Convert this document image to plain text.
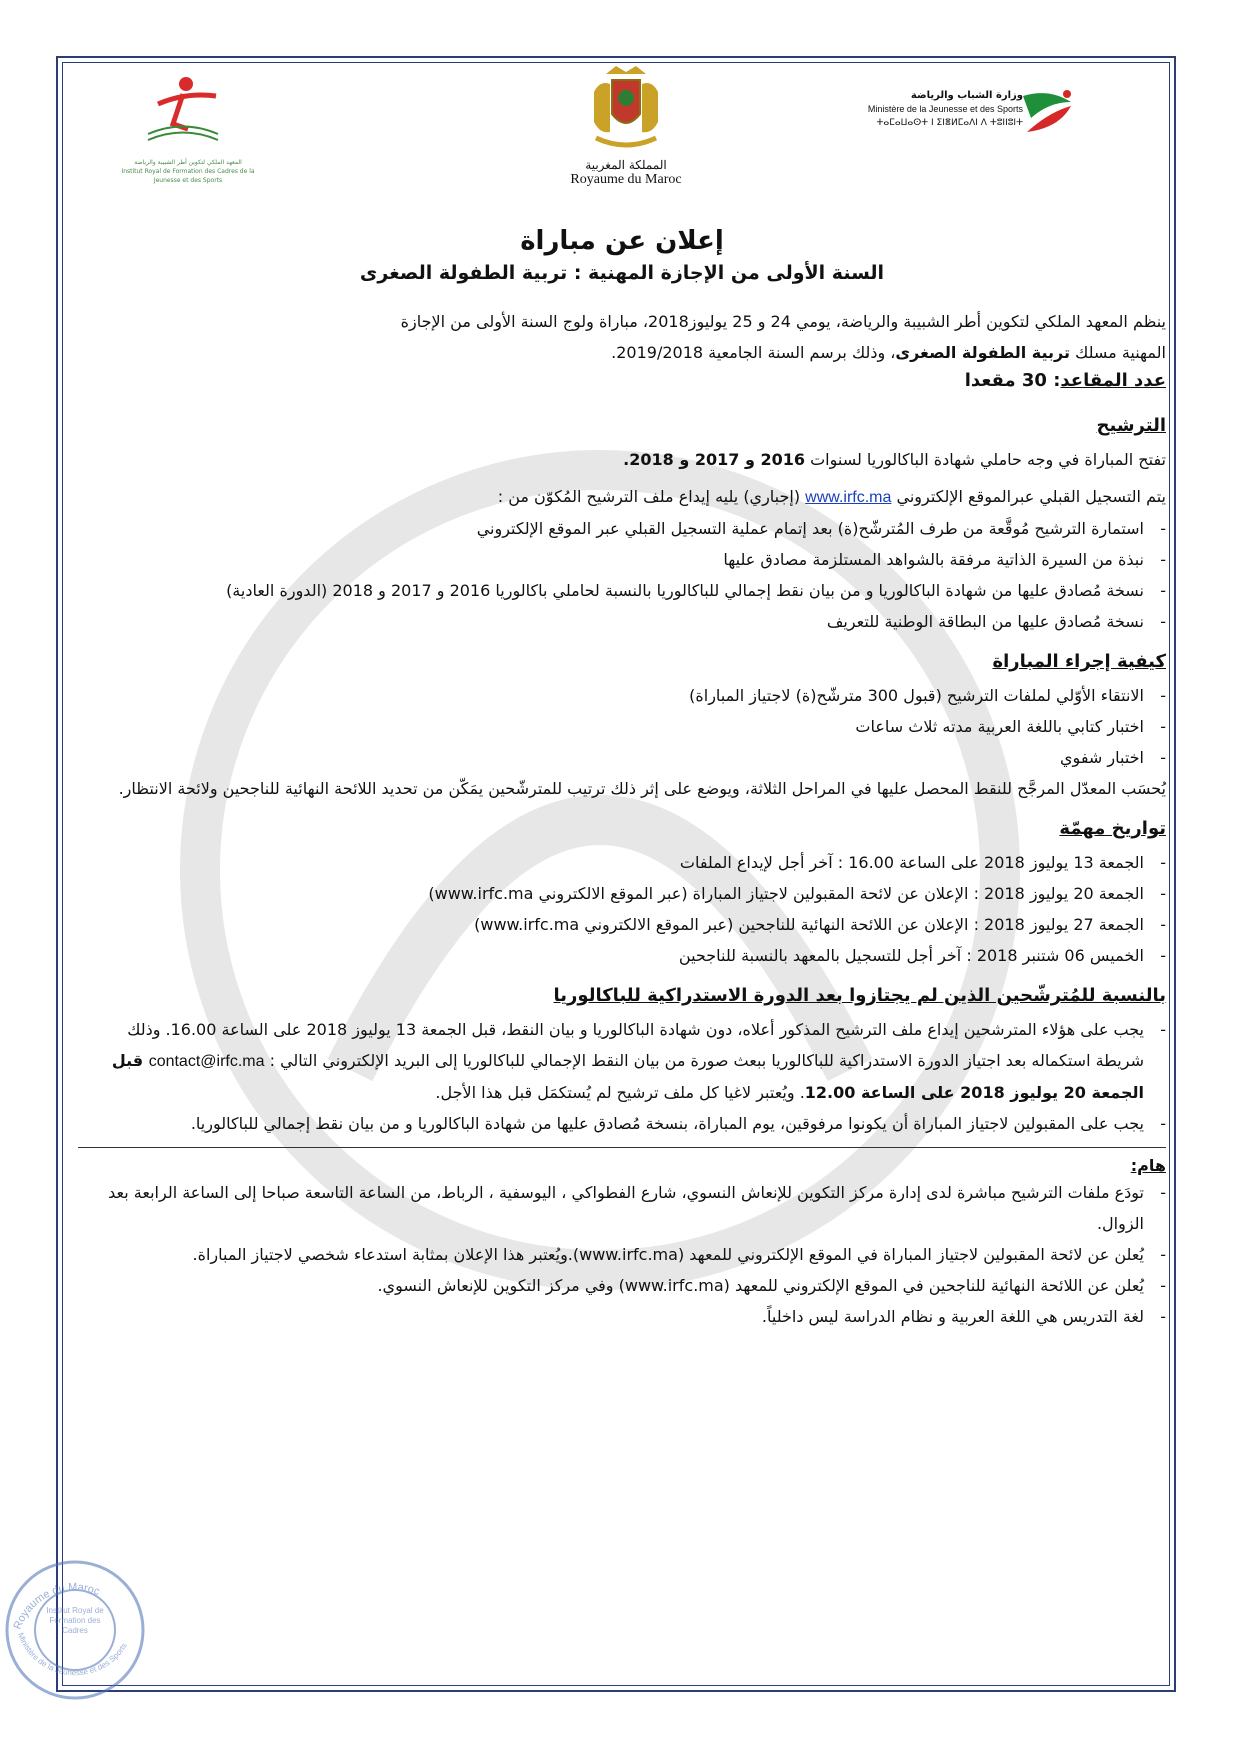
المعهد الملكي لتكوين أطر الشبيبة والرياضة
Institut Royal de Formation des Cadres de la Jeunesse et des Sports
المملكة المغربية
Royaume du Maroc
وزارة الشباب والرياضة
Ministère de la Jeunesse et des Sports
ⵜⴰⵎⴰⵡⴰⵙⵜ ⵏ ⵉⵏⴻⵍⵎⴰⴷⵏ ⴷ ⵜⵓⵏⵏⵓⵏⵜ
إعلان عن مباراة
السنة الأولى من الإجازة المهنية : تربية الطفولة الصغرى

ينظم المعهد الملكي لتكوين أطر الشبيبة والرياضة، يومي 24 و 25 يوليوز2018، مباراة ولوج السنة الأولى من الإجازة

المهنية مسلك تربية الطفولة الصغرى، وذلك برسم السنة الجامعية 2019/2018.

عدد المقاعد: 30 مقعدا
الترشيح

تفتح المباراة في وجه حاملي شهادة الباكالوريا لسنوات 2016 و 2017 و 2018.

يتم التسجيل القبلي عبرالموقع الإلكتروني www.irfc.ma (إجباري) يليه إيداع ملف الترشيح المُكوّن من :

- استمارة الترشيح مُوقَّعة من طرف المُترشّح(ة) بعد إتمام عملية التسجيل القبلي عبر الموقع الإلكتروني
- نبذة من السيرة الذاتية مرفقة بالشواهد المستلزمة مصادق عليها
- نسخة مُصادق عليها من شهادة الباكالوريا و من بيان نقط إجمالي للباكالوريا بالنسبة لحاملي باكالوريا 2016 و 2017 و 2018 (الدورة العادية)
- نسخة مُصادق عليها من البطاقة الوطنية للتعريف
كيفية إجراء المباراة
- الانتقاء الأوّلي لملفات الترشيح (قبول 300 مترشّح(ة) لاجتياز المباراة)
- اختبار كتابي باللغة العربية مدته ثلاث ساعات
- اختبار شفوي

يُحسَب المعدّل المرجَّح للنقط المحصل عليها في المراحل الثلاثة، ويوضع على إثر ذلك ترتيب للمترشّحين يمَكّن من تحديد اللائحة النهائية للناجحين ولائحة الانتظار.

تواريخ مهمّة
- الجمعة 13 يوليوز 2018 على الساعة 16.00 : آخر أجل لإيداع الملفات
- الجمعة 20 يوليوز 2018 : الإعلان عن لائحة المقبولين لاجتياز المباراة (عبر الموقع الالكتروني www.irfc.ma)
- الجمعة 27 يوليوز 2018 : الإعلان عن اللائحة النهائية للناجحين (عبر الموقع الالكتروني www.irfc.ma)
- الخميس 06 شتنبر 2018 : آخر أجل للتسجيل بالمعهد بالنسبة للناجحين
بالنسبة للمُترشّحين الذين لم يجتازوا بعد الدورة الاستدراكية للباكالوريا
- يجب على هؤلاء المترشحين إيداع ملف الترشيح المذكور أعلاه، دون شهادة الباكالوريا و بيان النقط، قبل الجمعة 13 يوليوز 2018 على الساعة 16.00. وذلك شريطة استكماله بعد اجتياز الدورة الاستدراكية للباكالوريا ببعث صورة من بيان النقط الإجمالي للباكالوريا إلى البريد الإلكتروني التالي : contact@irfc.ma قبل الجمعة 20 يوليوز 2018 على الساعة 12.00. ويُعتبر لاغيا كل ملف ترشيح لم يُستكمَل قبل هذا الأجل.
- يجب على المقبولين لاجتياز المباراة أن يكونوا مرفوقين، يوم المباراة، بنسخة مُصادق عليها من شهادة الباكالوريا و من بيان نقط إجمالي للباكالوريا.
هام:
- تودَع ملفات الترشيح مباشرة لدى إدارة مركز التكوين للإنعاش النسوي، شارع الفطواكي ، اليوسفية ، الرباط، من الساعة التاسعة صباحا إلى الساعة الرابعة بعد الزوال.
- يُعلن عن لائحة المقبولين لاجتياز المباراة في الموقع الإلكتروني للمعهد (www.irfc.ma).ويُعتبر هذا الإعلان بمثابة استدعاء شخصي لاجتياز المباراة.
- يُعلن عن اللائحة النهائية للناجحين في الموقع الإلكتروني للمعهد (www.irfc.ma) وفي مركز التكوين للإنعاش النسوي.
- لغة التدريس هي اللغة العربية و نظام الدراسة ليس داخلياً.
Royaume du Maroc
Ministère de la Jeunesse et des Sports
Institut Royal de Formation des Cadres
